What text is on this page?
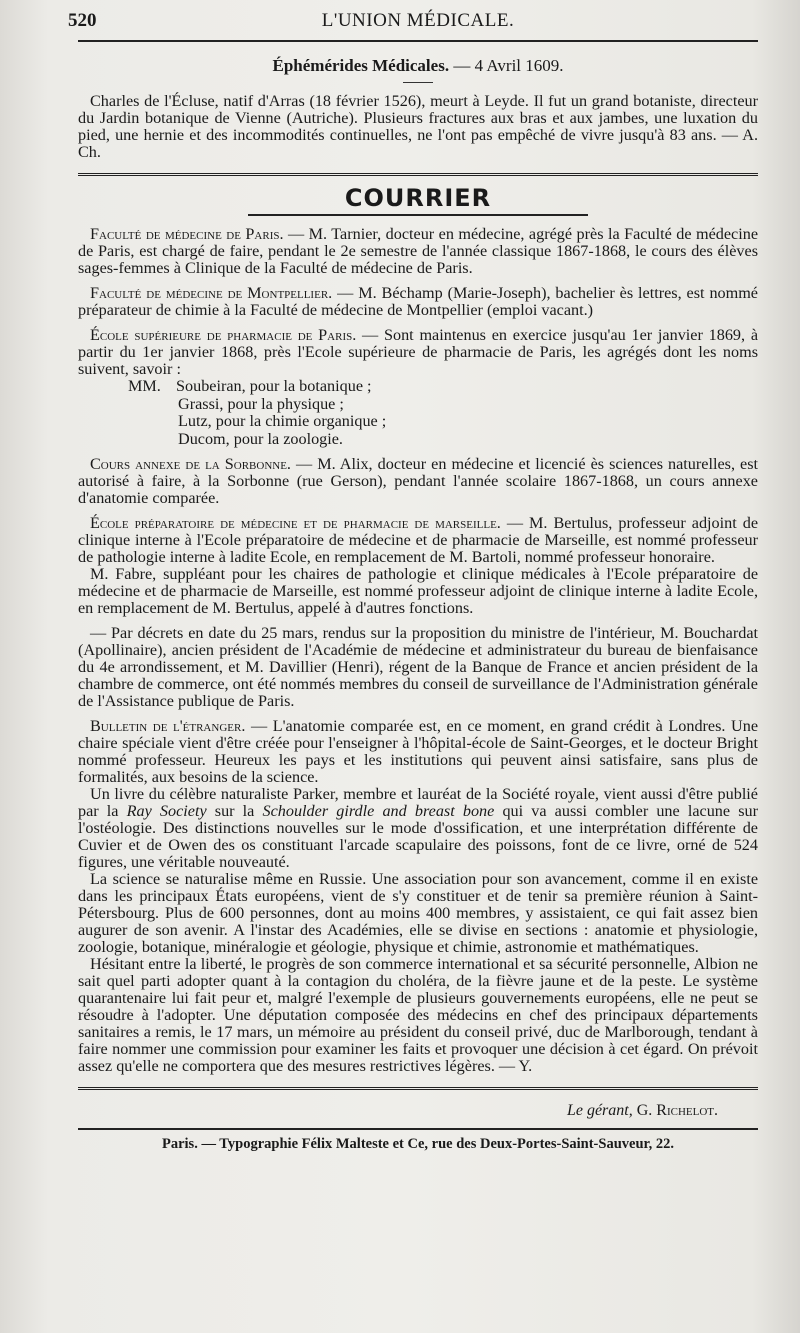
520	L'UNION MÉDICALE.
Éphémérides Médicales. — 4 Avril 1609.

Charles de l'Écluse, natif d'Arras (18 février 1526), meurt à Leyde. Il fut un grand botaniste, directeur du Jardin botanique de Vienne (Autriche). Plusieurs fractures aux bras et aux jambes, une luxation du pied, une hernie et des incommodités continuelles, ne l'ont pas empêché de vivre jusqu'à 83 ans. — A. Ch.

COURRIER

Faculté de médecine de Paris. — M. Tarnier, docteur en médecine, agrégé près la Faculté de médecine de Paris, est chargé de faire, pendant le 2e semestre de l'année classique 1867-1868, le cours des élèves sages-femmes à Clinique de la Faculté de médecine de Paris.

Faculté de médecine de Montpellier. — M. Béchamp (Marie-Joseph), bachelier ès lettres, est nommé préparateur de chimie à la Faculté de médecine de Montpellier (emploi vacant.)

École supérieure de pharmacie de Paris. — Sont maintenus en exercice jusqu'au 1er janvier 1869, à partir du 1er janvier 1868, près l'Ecole supérieure de pharmacie de Paris, les agrégés dont les noms suivent, savoir :

MM. Soubeiran, pour la botanique ;
Grassi, pour la physique ;
Lutz, pour la chimie organique ;
Ducom, pour la zoologie.

Cours annexe de la Sorbonne. — M. Alix, docteur en médecine et licencié ès sciences naturelles, est autorisé à faire, à la Sorbonne (rue Gerson), pendant l'année scolaire 1867-1868, un cours annexe d'anatomie comparée.

École préparatoire de médecine et de pharmacie de marseille. — M. Bertulus, professeur adjoint de clinique interne à l'Ecole préparatoire de médecine et de pharmacie de Marseille, est nommé professeur de pathologie interne à ladite Ecole, en remplacement de M. Bartoli, nommé professeur honoraire.

M. Fabre, suppléant pour les chaires de pathologie et clinique médicales à l'Ecole préparatoire de médecine et de pharmacie de Marseille, est nommé professeur adjoint de clinique interne à ladite Ecole, en remplacement de M. Bertulus, appelé à d'autres fonctions.

— Par décrets en date du 25 mars, rendus sur la proposition du ministre de l'intérieur, M. Bouchardat (Apollinaire), ancien président de l'Académie de médecine et administrateur du bureau de bienfaisance du 4e arrondissement, et M. Davillier (Henri), régent de la Banque de France et ancien président de la chambre de commerce, ont été nommés membres du conseil de surveillance de l'Administration générale de l'Assistance publique de Paris.

Bulletin de l'étranger. — L'anatomie comparée est, en ce moment, en grand crédit à Londres. Une chaire spéciale vient d'être créée pour l'enseigner à l'hôpital-école de Saint-Georges, et le docteur Bright nommé professeur. Heureux les pays et les institutions qui peuvent ainsi satisfaire, sans plus de formalités, aux besoins de la science.

Un livre du célèbre naturaliste Parker, membre et lauréat de la Société royale, vient aussi d'être publié par la Ray Society sur la Schoulder girdle and breast bone qui va aussi combler une lacune sur l'ostéologie. Des distinctions nouvelles sur le mode d'ossification, et une interprétation différente de Cuvier et de Owen des os constituant l'arcade scapulaire des poissons, font de ce livre, orné de 524 figures, une véritable nouveauté.

La science se naturalise même en Russie. Une association pour son avancement, comme il en existe dans les principaux États européens, vient de s'y constituer et de tenir sa première réunion à Saint-Pétersbourg. Plus de 600 personnes, dont au moins 400 membres, y assistaient, ce qui fait assez bien augurer de son avenir. A l'instar des Académies, elle se divise en sections : anatomie et physiologie, zoologie, botanique, minéralogie et géologie, physique et chimie, astronomie et mathématiques.

Hésitant entre la liberté, le progrès de son commerce international et sa sécurité personnelle, Albion ne sait quel parti adopter quant à la contagion du choléra, de la fièvre jaune et de la peste. Le système quarantenaire lui fait peur et, malgré l'exemple de plusieurs gouvernements européens, elle ne peut se résoudre à l'adopter. Une députation composée des médecins en chef des principaux départements sanitaires a remis, le 17 mars, un mémoire au président du conseil privé, duc de Marlborough, tendant à faire nommer une commission pour examiner les faits et provoquer une décision à cet égard. On prévoit assez qu'elle ne comportera que des mesures restrictives légères. — Y.

Le gérant, G. Richelot.
Paris. — Typographie Félix Malteste et Ce, rue des Deux-Portes-Saint-Sauveur, 22.
